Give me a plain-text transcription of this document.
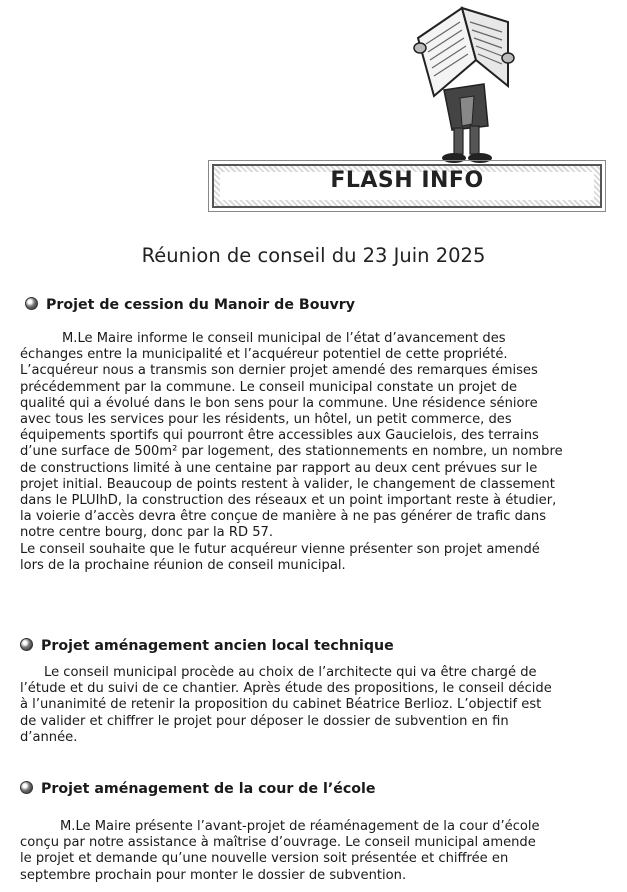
FLASH INFO
Réunion de conseil du 23 Juin 2025
Projet de cession du Manoir de Bouvry
M.Le Maire informe le conseil municipal de l’état d’avancement des
échanges entre la municipalité et l’acquéreur potentiel de cette propriété.
L’acquéreur nous a transmis son dernier projet amendé des remarques émises
précédemment par la commune. Le conseil municipal constate un projet de
qualité qui a évolué dans le bon sens pour la commune. Une résidence séniore
avec tous les services pour les résidents, un hôtel, un petit commerce, des
équipements sportifs qui pourront être accessibles aux Gaucielois, des terrains
d’une surface de 500m² par logement, des stationnements en nombre, un nombre
de constructions limité à une centaine par rapport au deux cent prévues sur le
projet initial. Beaucoup de points restent à valider, le changement de classement
dans le PLUIhD, la construction des réseaux et un point important reste à étudier,
la voierie d’accès devra être conçue de manière à ne pas générer de trafic dans
notre centre bourg, donc par la RD 57.
Le conseil souhaite que le futur acquéreur vienne présenter son projet amendé
lors de la prochaine réunion de conseil municipal.
Projet aménagement ancien local technique
Le conseil municipal procède au choix de l’architecte qui va être chargé de
l’étude et du suivi de ce chantier. Après étude des propositions, le conseil décide
à l’unanimité de retenir la proposition du cabinet Béatrice Berlioz. L’objectif est
de valider et chiffrer le projet pour déposer le dossier de subvention en fin
d’année.
Projet aménagement de la cour de l’école
M.Le Maire présente l’avant-projet de réaménagement de la cour d’école
conçu par notre assistance à maîtrise d’ouvrage. Le conseil municipal amende
le projet et demande qu’une nouvelle version soit présentée et chiffrée en
septembre prochain pour monter le dossier de subvention.
